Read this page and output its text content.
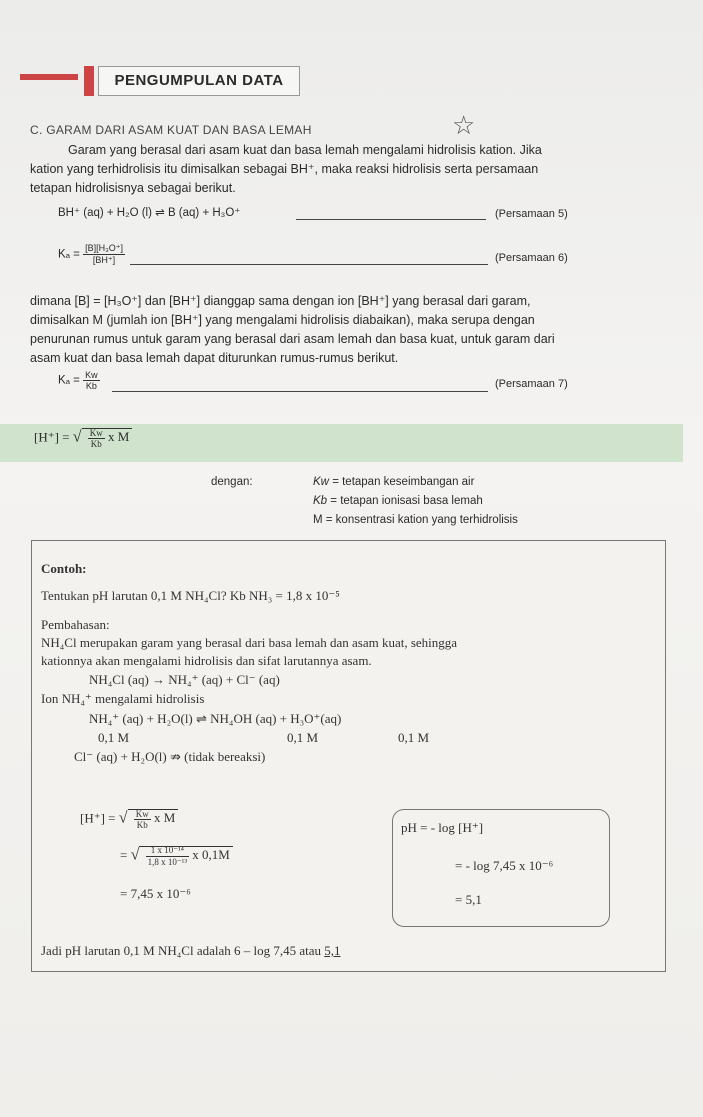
PENGUMPULAN DATA
☆
C. GARAM DARI ASAM KUAT DAN BASA LEMAH
Garam yang berasal dari asam kuat dan basa lemah mengalami hidrolisis kation. Jika
kation yang terhidrolisis itu dimisalkan sebagai BH⁺, maka reaksi hidrolisis serta persamaan
tetapan hidrolisisnya sebagai berikut.
BH⁺ (aq) + H₂O (l) ⇌ B (aq) + H₃O⁺	(Persamaan 5)
$K_a = \frac{\text{[B][H₃O⁺]}}{[BH^+]}$	(Persamaan 6)
dimana [B] = [H₃O⁺] dan [BH⁺] dianggap sama dengan ion [BH⁺] yang berasal dari garam,
dimisalkan M (jumlah ion [BH⁺] yang mengalami hidrolisis diabaikan), maka serupa dengan
penurunan rumus untuk garam yang berasal dari asam lemah dan basa kuat, untuk garam dari
asam kuat dan basa lemah dapat diturunkan rumus-rumus berikut.
$K_a = \frac{Kw}{Kb}$	(Persamaan 7)
[H⁺] = √ $\frac{Kw}{Kb}$ x M
dengan:	Kw = tetapan keseimbangan air
Kb = tetapan ionisasi basa lemah
M = konsentrasi kation yang terhidrolisis
Contoh:
Tentukan pH larutan 0,1 M NH₄Cl? Kb NH₃ = 1,8 x 10⁻⁵
Pembahasan:
NH₄Cl merupakan garam yang berasal dari basa lemah dan asam kuat, sehingga
kationnya akan mengalami hidrolisis dan sifat larutannya asam.
NH₄Cl (aq) → NH₄⁺ (aq) + Cl⁻ (aq)
Ion NH₄⁺ mengalami hidrolisis
NH₄⁺ (aq) + H₂O(l) ⇌ NH₄OH (aq) + H₃O⁺(aq)
0,1 M	0,1 M	0,1 M
Cl⁻ (aq) + H₂O(l) ⇏ (tidak bereaksi)
[H⁺] = √ $\frac{Kw}{Kb}$ x M
= √ $\frac{\text{1 x 10⁻¹⁴}}{\text{1,8 x 10⁻¹³}}$ x 0,1M
= 7,45 x 10⁻⁶
pH = - log [H⁺]
= - log 7,45 x 10⁻⁶
= 5,1
Jadi pH larutan 0,1 M NH₄Cl adalah 6 – log 7,45 atau 5,1
